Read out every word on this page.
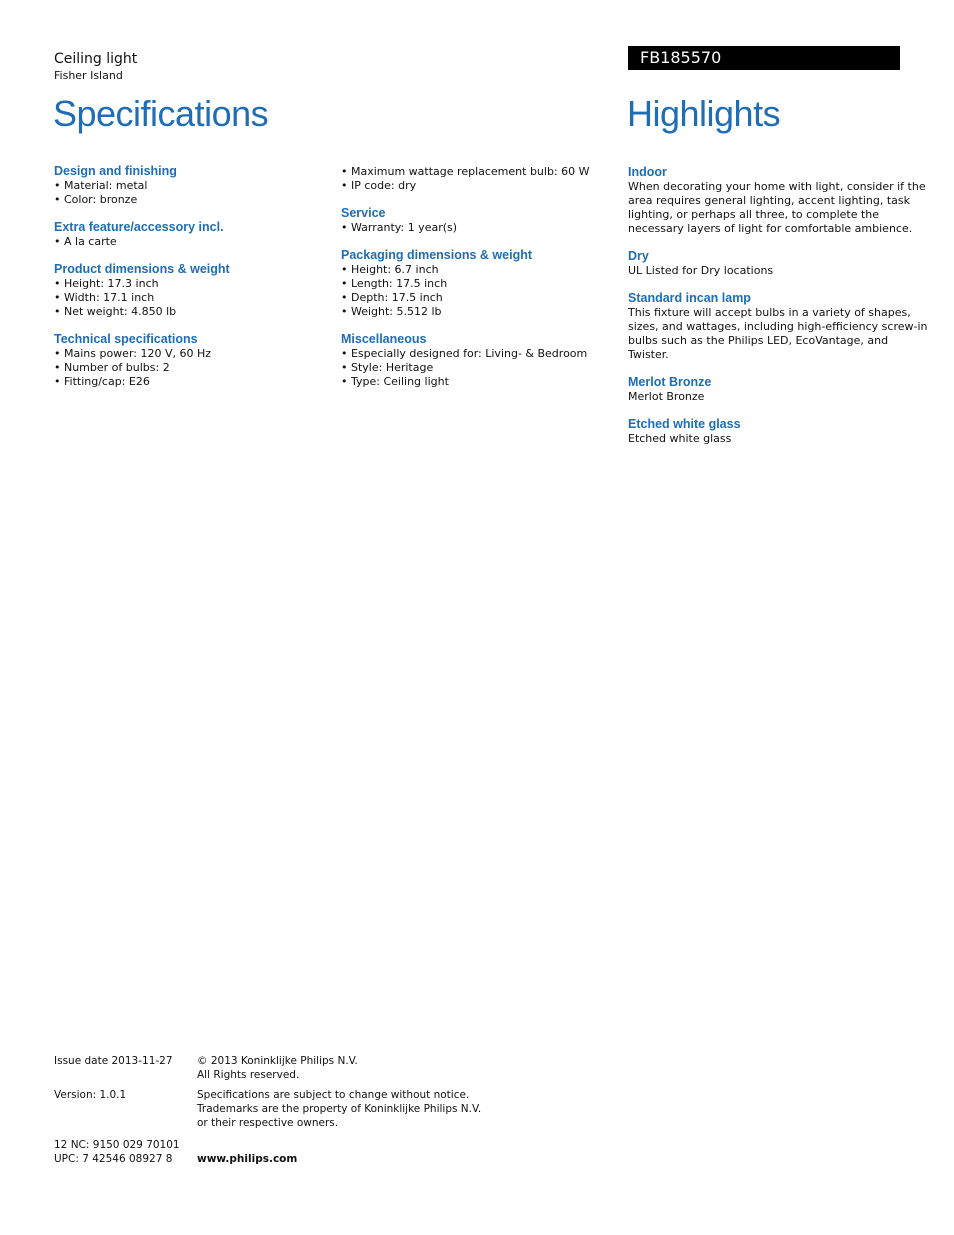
Ceiling light
Fisher Island
FB185570
Specifications	Highlights
Design and finishing
• Material: metal
• Color: bronze
Extra feature/accessory incl.
• A la carte
Product dimensions & weight
• Height: 17.3 inch
• Width: 17.1 inch
• Net weight: 4.850 lb
Technical specifications
• Mains power: 120 V, 60 Hz
• Number of bulbs: 2
• Fitting/cap: E26
• Maximum wattage replacement bulb: 60 W
• IP code: dry
Service
• Warranty: 1 year(s)
Packaging dimensions & weight
• Height: 6.7 inch
• Length: 17.5 inch
• Depth: 17.5 inch
• Weight: 5.512 lb
Miscellaneous
• Especially designed for: Living- & Bedroom
• Style: Heritage
• Type: Ceiling light
Indoor
When decorating your home with light, consider if the
area requires general lighting, accent lighting, task
lighting, or perhaps all three, to complete the
necessary layers of light for comfortable ambience.
Dry
UL Listed for Dry locations
Standard incan lamp
This fixture will accept bulbs in a variety of shapes,
sizes, and wattages, including high-efficiency screw-in
bulbs such as the Philips LED, EcoVantage, and
Twister.
Merlot Bronze
Merlot Bronze
Etched white glass
Etched white glass
Issue date 2013-11-27 © 2013 Koninklijke Philips N.V.
All Rights reserved.
Version: 1.0.1	Specifications are subject to change without notice.
Trademarks are the property of Koninklijke Philips N.V.
or their respective owners.
12 NC: 9150 029 70101
UPC: 7 42546 08927 8	www.philips.com
